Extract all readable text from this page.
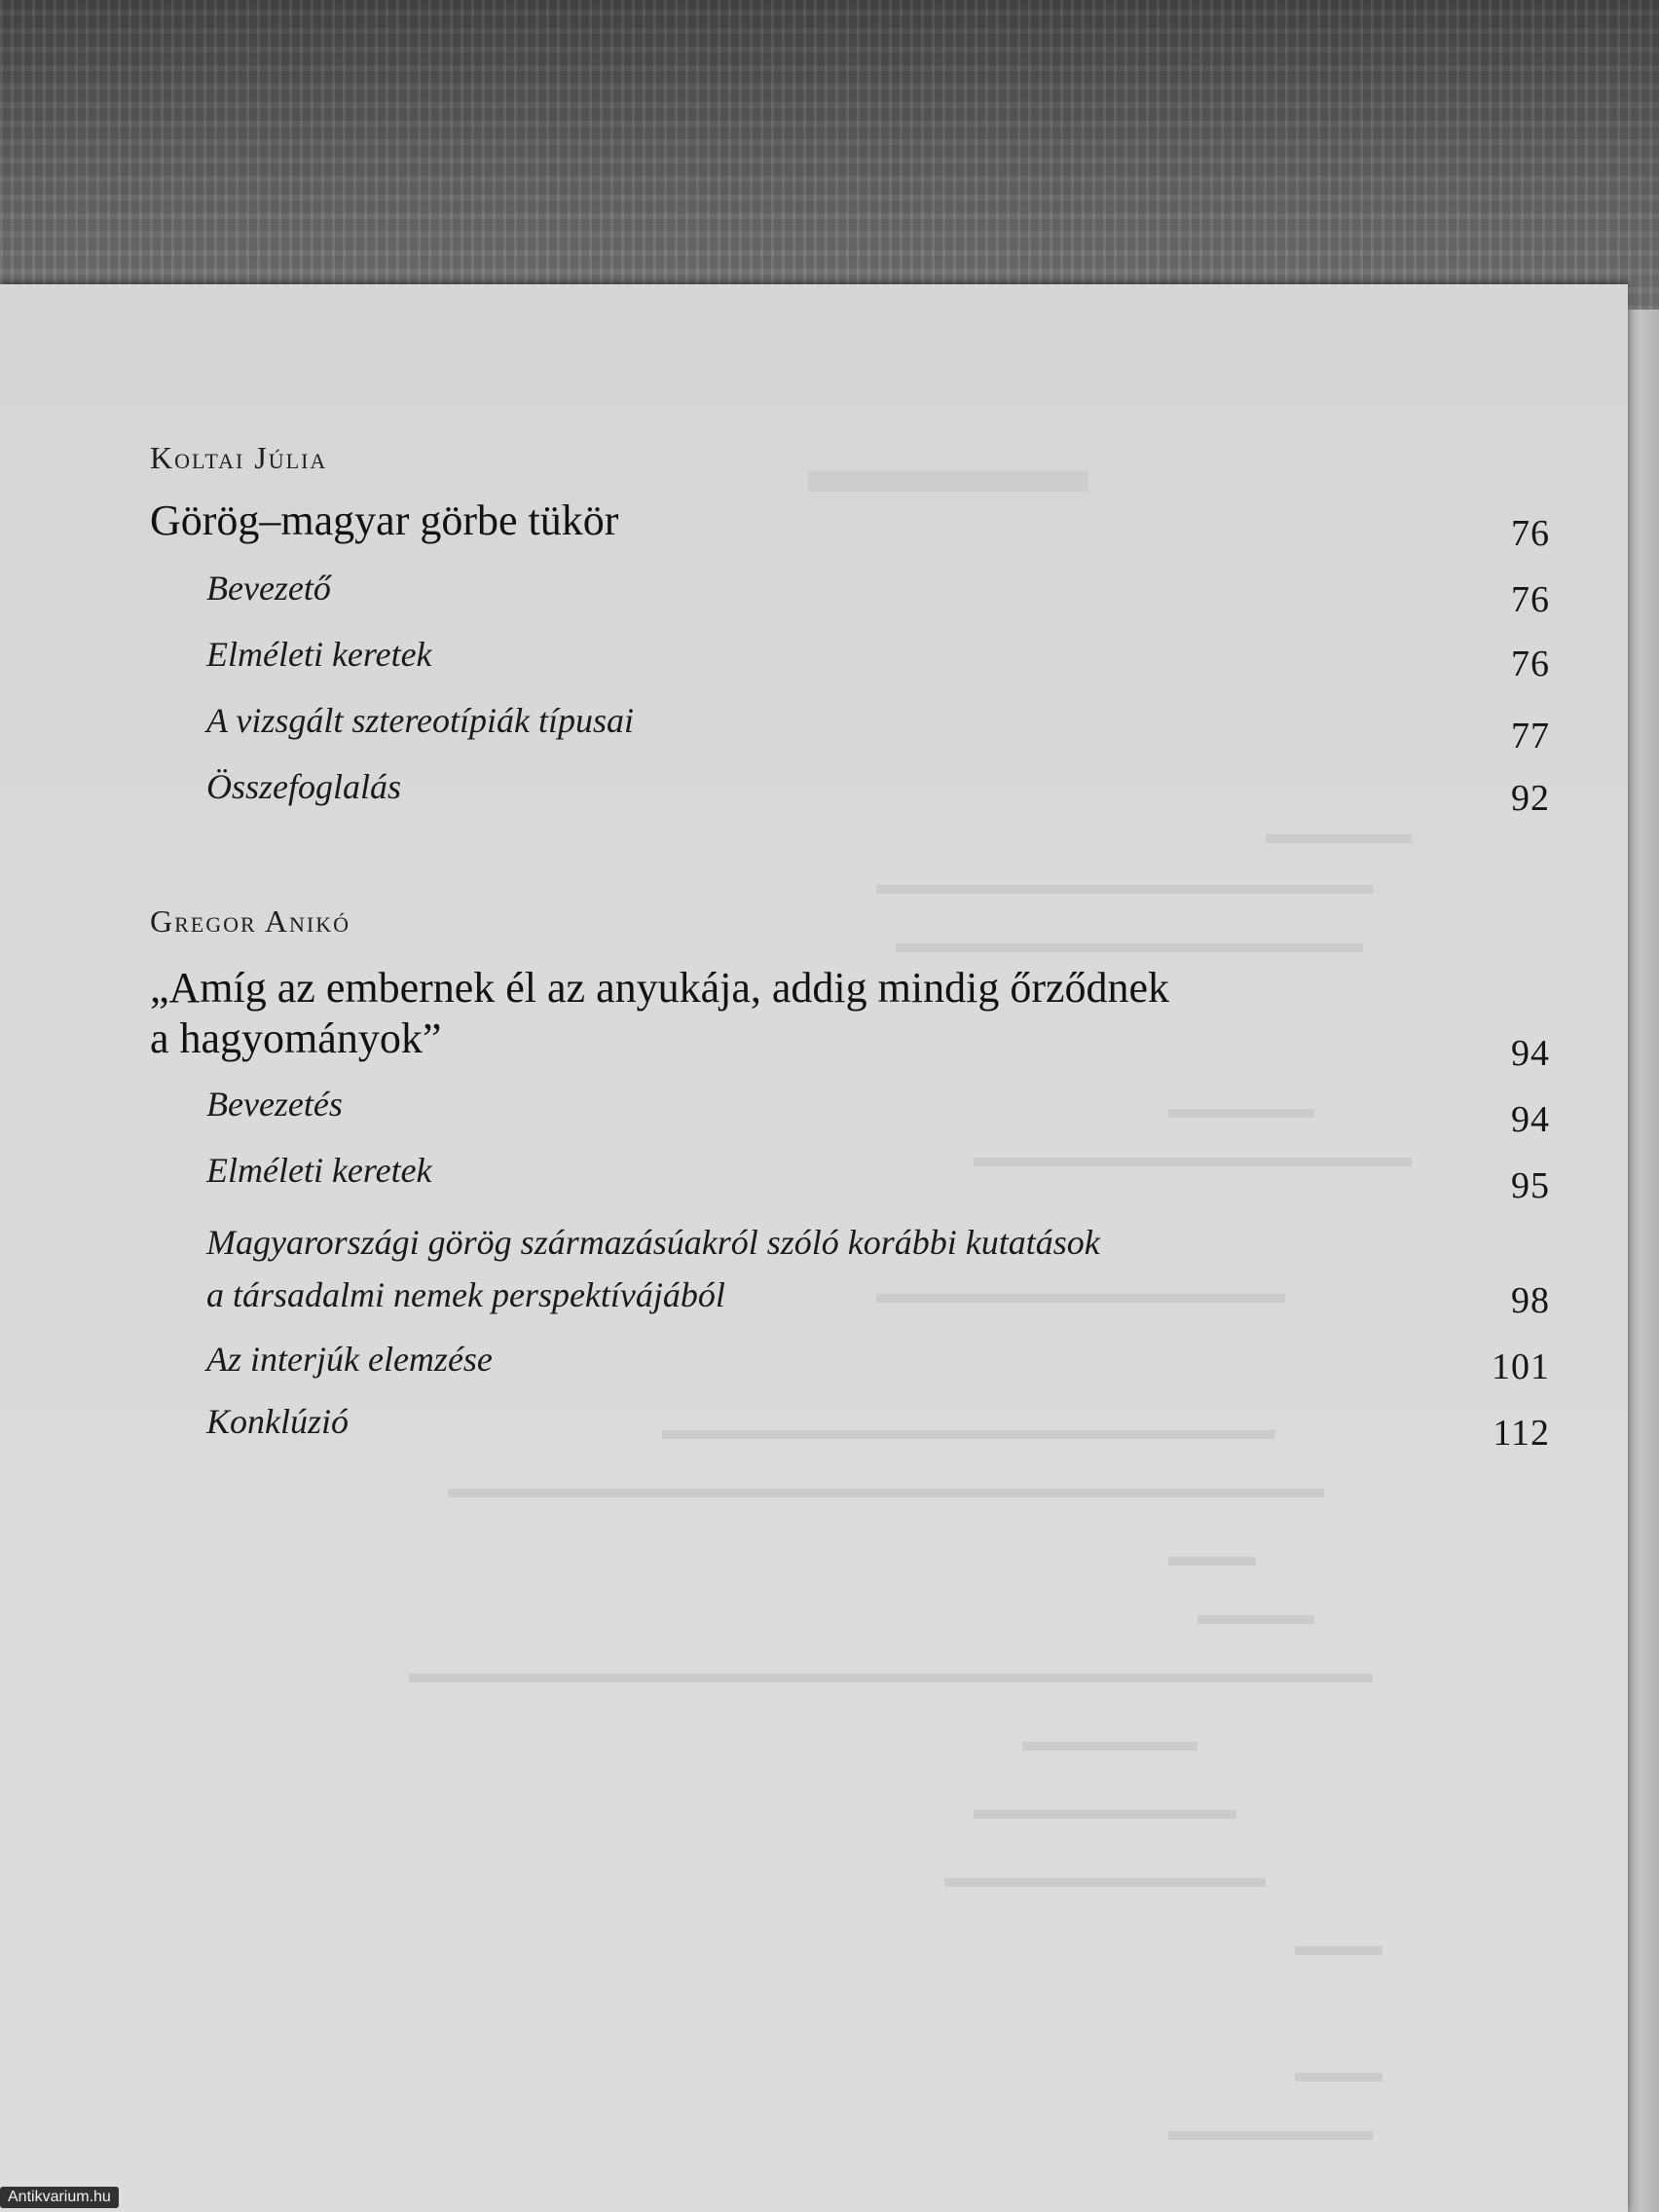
▬▬▬▬
▬▬▬▬▬
▬▬▬▬▬▬▬▬▬▬▬▬▬▬▬▬▬
▬▬▬▬▬▬▬▬▬▬▬▬▬▬▬▬
▬▬▬▬▬
▬▬▬▬▬▬▬▬▬▬▬▬▬▬▬
▬▬▬▬▬▬▬▬▬▬▬▬▬▬
▬▬▬▬▬▬▬▬▬▬▬▬▬▬▬▬▬▬▬▬▬
▬▬▬▬▬▬▬▬▬▬▬▬▬▬▬▬▬▬▬▬▬▬▬▬▬▬▬▬▬▬
▬▬▬
▬▬▬▬
▬▬▬▬▬▬▬▬▬▬▬▬▬▬▬▬▬▬▬▬▬▬▬▬▬▬▬▬▬▬▬▬▬
▬▬▬▬▬▬
▬▬▬▬▬▬▬▬▬
▬▬▬▬▬▬▬▬▬▬▬
▬▬▬
▬▬▬
▬▬▬▬▬▬▬
Koltai Júlia
Görög–magyar görbe tükör	76
Bevezető	76
Elméleti keretek	76
A vizsgált sztereotípiák típusai	77
Összefoglalás	92
Gregor Anikó
„Amíg az embernek él az anyukája, addig mindig őrződnek
a hagyományok”	94
Bevezetés	94
Elméleti keretek	95
Magyarországi görög származásúakról szóló korábbi kutatások
a társadalmi nemek perspektívájából	98
Az interjúk elemzése	101
Konklúzió	112
Antikvarium.hu
